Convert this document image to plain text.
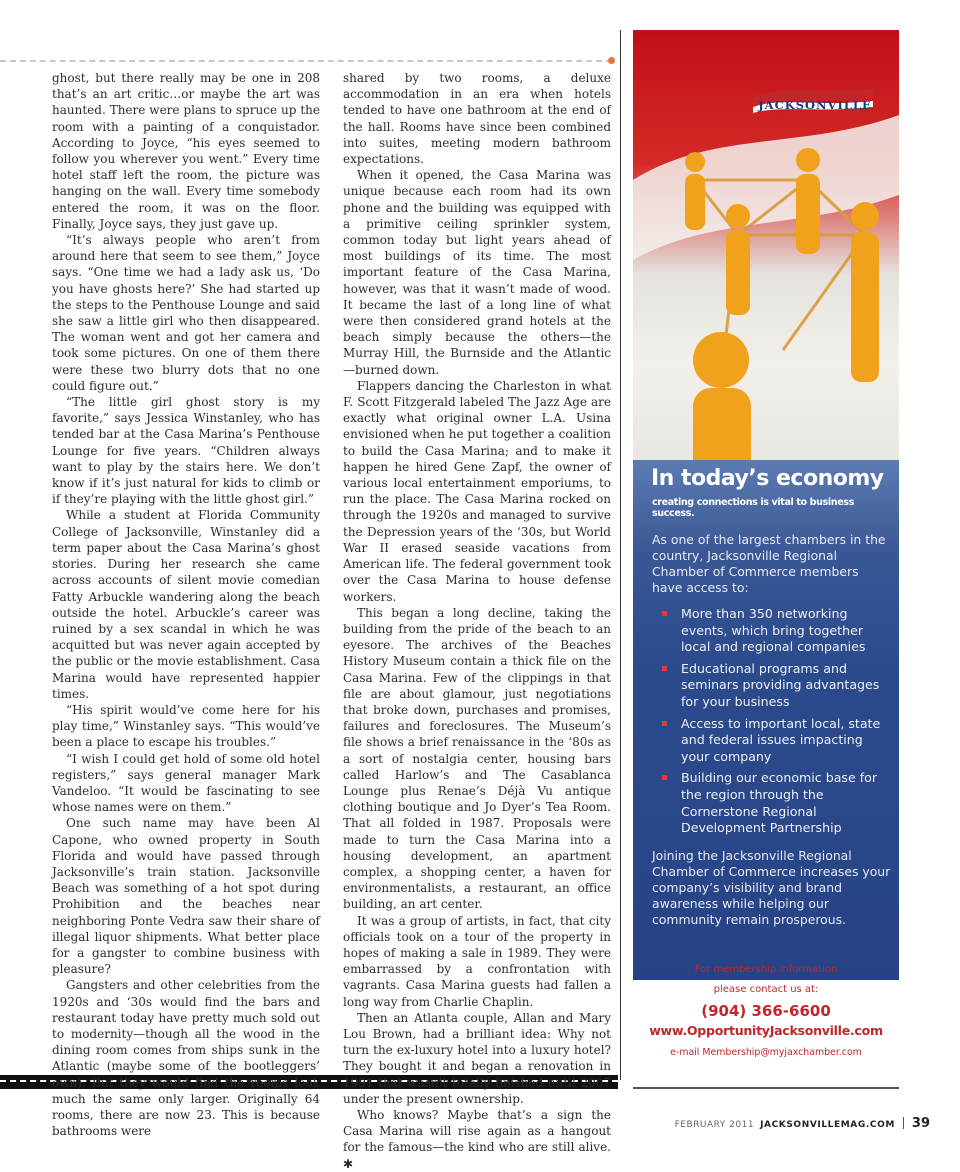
ghost, but there really may be one in 208 that’s an art critic…or maybe the art was haunted. There were plans to spruce up the room with a painting of a conquistador. According to Joyce, “his eyes seemed to follow you wherever you went.” Every time hotel staff left the room, the picture was hanging on the wall. Every time somebody entered the room, it was on the floor. Finally, Joyce says, they just gave up.

“It’s always people who aren’t from around here that seem to see them,” Joyce says. “One time we had a lady ask us, ‘Do you have ghosts here?’ She had started up the steps to the Penthouse Lounge and said she saw a little girl who then disappeared. The woman went and got her camera and took some pictures. On one of them there were these two blurry dots that no one could figure out.”

“The little girl ghost story is my favorite,” says Jessica Winstanley, who has tended bar at the Casa Marina’s Penthouse Lounge for five years. “Children always want to play by the stairs here. We don’t know if it’s just natural for kids to climb or if they’re playing with the little ghost girl.”

While a student at Florida Community College of Jacksonville, Winstanley did a term paper about the Casa Marina’s ghost stories. During her research she came across accounts of silent movie comedian Fatty Arbuckle wandering along the beach outside the hotel. Arbuckle’s career was ruined by a sex scandal in which he was acquitted but was never again accepted by the public or the movie establishment. Casa Marina would have represented happier times.

“His spirit would’ve come here for his play time,” Winstanley says. “This would’ve been a place to escape his troubles.”

“I wish I could get hold of some old hotel registers,” says general manager Mark Vandeloo. “It would be fascinating to see whose names were on them.”

One such name may have been Al Capone, who owned property in South Florida and would have passed through Jacksonville’s train station. Jacksonville Beach was something of a hot spot during Prohibition and the beaches near neighboring Ponte Vedra saw their share of illegal liquor shipments. What better place for a gangster to combine business with pleasure?

Gangsters and other celebrities from the 1920s and ‘30s would find the bars and restaurant today have pretty much sold out to modernity—though all the wood in the dining room comes from ships sunk in the Atlantic (maybe some of the bootleggers’ own). But they would find the rooms look much the same only larger. Originally 64 rooms, there are now 23. This is because bathrooms were

shared by two rooms, a deluxe accommodation in an era when hotels tended to have one bathroom at the end of the hall. Rooms have since been combined into suites, meeting modern bathroom expectations.

When it opened, the Casa Marina was unique because each room had its own phone and the building was equipped with a primitive ceiling sprinkler system, common today but light years ahead of most buildings of its time. The most important feature of the Casa Marina, however, was that it wasn’t made of wood. It became the last of a long line of what were then considered grand hotels at the beach simply because the others—the Murray Hill, the Burnside and the Atlantic—burned down.

Flappers dancing the Charleston in what F. Scott Fitzgerald labeled The Jazz Age are exactly what original owner L.A. Usina envisioned when he put together a coalition to build the Casa Marina; and to make it happen he hired Gene Zapf, the owner of various local entertainment emporiums, to run the place. The Casa Marina rocked on through the 1920s and managed to survive the Depression years of the ‘30s, but World War II erased seaside vacations from American life. The federal government took over the Casa Marina to house defense workers.

This began a long decline, taking the building from the pride of the beach to an eyesore. The archives of the Beaches History Museum contain a thick file on the Casa Marina. Few of the clippings in that file are about glamour, just negotiations that broke down, purchases and promises, failures and foreclosures. The Museum’s file shows a brief renaissance in the ‘80s as a sort of nostalgia center, housing bars called Harlow’s and The Casablanca Lounge plus Renae’s Déjà Vu antique clothing boutique and Jo Dyer’s Tea Room. That all folded in 1987. Proposals were made to turn the Casa Marina into a housing development, an apartment complex, a shopping center, a haven for environmentalists, a restaurant, an office building, an art center.

It was a group of artists, in fact, that city officials took on a tour of the property in hopes of making a sale in 1989. They were embarrassed by a confrontation with vagrants. Casa Marina guests had fallen a long way from Charlie Chaplin.

Then an Atlanta couple, Allan and Mary Lou Brown, had a brilliant idea: Why not turn the ex-luxury hotel into a luxury hotel? They bought it and began a renovation in 1991 that wasn’t totally finished until 2007 under the present ownership.

Who knows? Maybe that’s a sign the Casa Marina will rise again as a hangout for the famous—the kind who are still alive. ✱

JACKSONVILLE
Chamber of Commerce
In today’s economy
creating connections is vital to business success.
As one of the largest chambers in the country, Jacksonville Regional Chamber of Commerce members have access to:
More than 350 networking events, which bring together local and regional companies
Educational programs and seminars providing advantages for your business
Access to important local, state and federal issues impacting your company
Building our economic base for the region through the Cornerstone Regional Development Partnership
Joining the Jacksonville Regional Chamber of Commerce increases your company’s visibility and brand awareness while helping our community remain prosperous.
For membership information
please contact us at:
(904) 366-6600
www.OpportunityJacksonville.com
e-mail Membership@myjaxchamber.com
FEBRUARY 2011 JACKSONVILLEMAG.COM 39
